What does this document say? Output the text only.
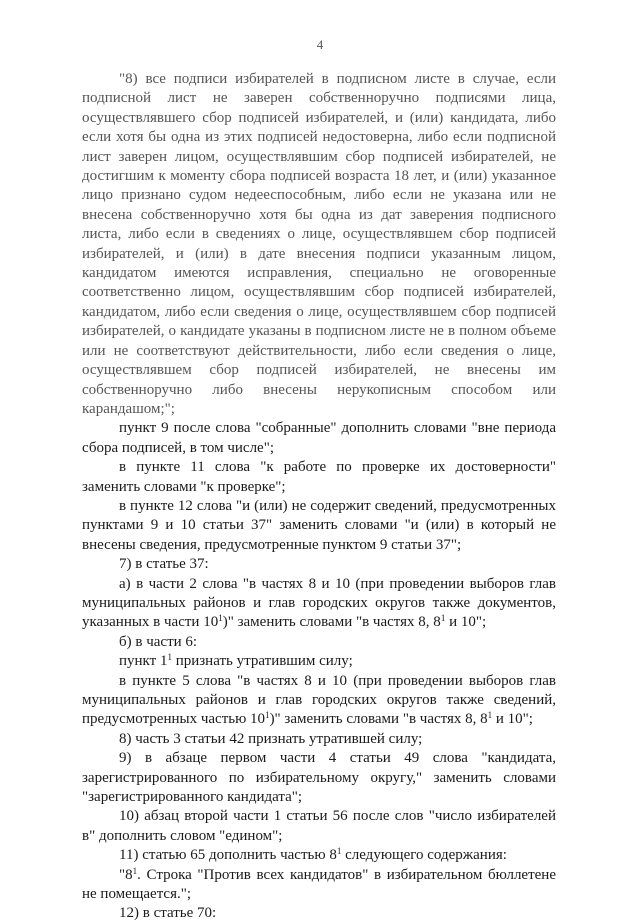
4

"8) все подписи избирателей в подписном листе в случае, если подписной лист не заверен собственноручно подписями лица, осуществлявшего сбор подписей избирателей, и (или) кандидата, либо если хотя бы одна из этих подписей недостоверна, либо если подписной лист заверен лицом, осуществлявшим сбор подписей избирателей, не достигшим к моменту сбора подписей возраста 18 лет, и (или) указанное лицо признано судом недееспособным, либо если не указана или не внесена собственноручно хотя бы одна из дат заверения подписного листа, либо если в сведениях о лице, осуществлявшем сбор подписей избирателей, и (или) в дате внесения подписи указанным лицом, кандидатом имеются исправления, специально не оговоренные соответственно лицом, осуществлявшим сбор подписей избирателей, кандидатом, либо если сведения о лице, осуществлявшем сбор подписей избирателей, о кандидате указаны в подписном листе не в полном объеме или не соответствуют действительности, либо если сведения о лице, осуществлявшем сбор подписей избирателей, не внесены им собственноручно либо внесены нерукописным способом или карандашом;";

пункт 9 после слова "собранные" дополнить словами "вне периода сбора подписей, в том числе";

в пункте 11 слова "к работе по проверке их достоверности" заменить словами "к проверке";

в пункте 12 слова "и (или) не содержит сведений, предусмотренных пунктами 9 и 10 статьи 37" заменить словами "и (или) в который не внесены сведения, предусмотренные пунктом 9 статьи 37";

7) в статье 37:

а) в части 2 слова "в частях 8 и 10 (при проведении выборов глав муниципальных районов и глав городских округов также документов, указанных в части $10^1$)" заменить словами "в частях 8, $8^1$ и 10";

б) в части 6:

пункт $1^1$ признать утратившим силу;

в пункте 5 слова "в частях 8 и 10 (при проведении выборов глав муниципальных районов и глав городских округов также сведений, предусмотренных частью $10^1$)" заменить словами "в частях 8, $8^1$ и 10";

8) часть 3 статьи 42 признать утратившей силу;

9) в абзаце первом части 4 статьи 49 слова "кандидата, зарегистрированного по избирательному округу," заменить словами "зарегистрированного кандидата";

10) абзац второй части 1 статьи 56 после слов "число избирателей в" дополнить словом "едином";

11) статью 65 дополнить частью $8^1$ следующего содержания:

"$8^1$. Строка "Против всех кандидатов" в избирательном бюллетене не помещается.";

12) в статье 70:
